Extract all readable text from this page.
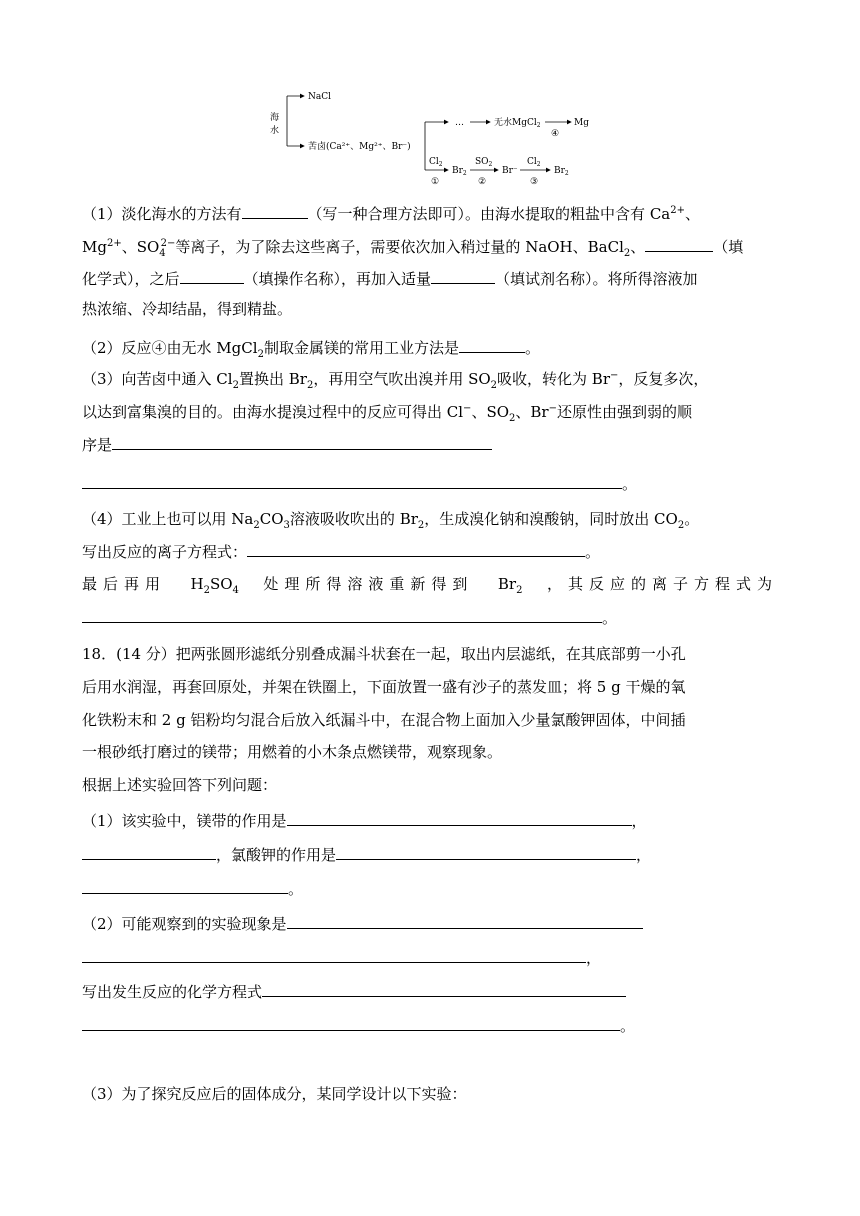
海
水
NaCl
苦卤(Ca²⁺、Mg²⁺、Br⁻)
…	无水MgCl$_2$
④
Mg
$Cl_2$
①
$Br_2$
$SO_2$
②
Br⁻
$Cl_2$
③
$Br_2$
（1）淡化海水的方法有	（写一种合理方法即可）。由海水提取的粗盐中含有 $Ca^{2+}$、
$Mg^{2+}$、$SO_4^{2-}$等离子，为了除去这些离子，需要依次加入稍过量的 NaOH、BaCl$_2$、	（填
化学式），之后	（填操作名称），再加入适量	（填试剂名称）。将所得溶液加
热浓缩、冷却结晶，得到精盐。
（2）反应④由无水 MgCl$_2$制取金属镁的常用工业方法是	。
（3）向苦卤中通入 $Cl_2$置换出 $Br_2$，再用空气吹出溴并用 $SO_2$吸收，转化为 Br−，反复多次，
以达到富集溴的目的。由海水提溴过程中的反应可得出 Cl−、$SO_2$、Br−还原性由强到弱的顺
序是
。
（4）工业上也可以用 $Na_2CO_3$溶液吸收吹出的 $Br_2$，生成溴化钠和溴酸钠，同时放出 $CO_2$。
写出反应的离子方程式：	。
最后再用 $H_2SO_4$ 处理所得溶液重新得到 $Br_2$ ，其反应的离子方程式为
。
18．(14 分）把两张圆形滤纸分别叠成漏斗状套在一起，取出内层滤纸，在其底部剪一小孔
后用水润湿，再套回原处，并架在铁圈上，下面放置一盛有沙子的蒸发皿；将 5 g 干燥的氧
化铁粉末和 2 g 铝粉均匀混合后放入纸漏斗中，在混合物上面加入少量氯酸钾固体，中间插
一根砂纸打磨过的镁带；用燃着的小木条点燃镁带，观察现象。
根据上述实验回答下列问题：
（1）该实验中，镁带的作用是	，
，氯酸钾的作用是	，
。
（2）可能观察到的实验现象是
，
写出发生反应的化学方程式
。
（3）为了探究反应后的固体成分，某同学设计以下实验：
